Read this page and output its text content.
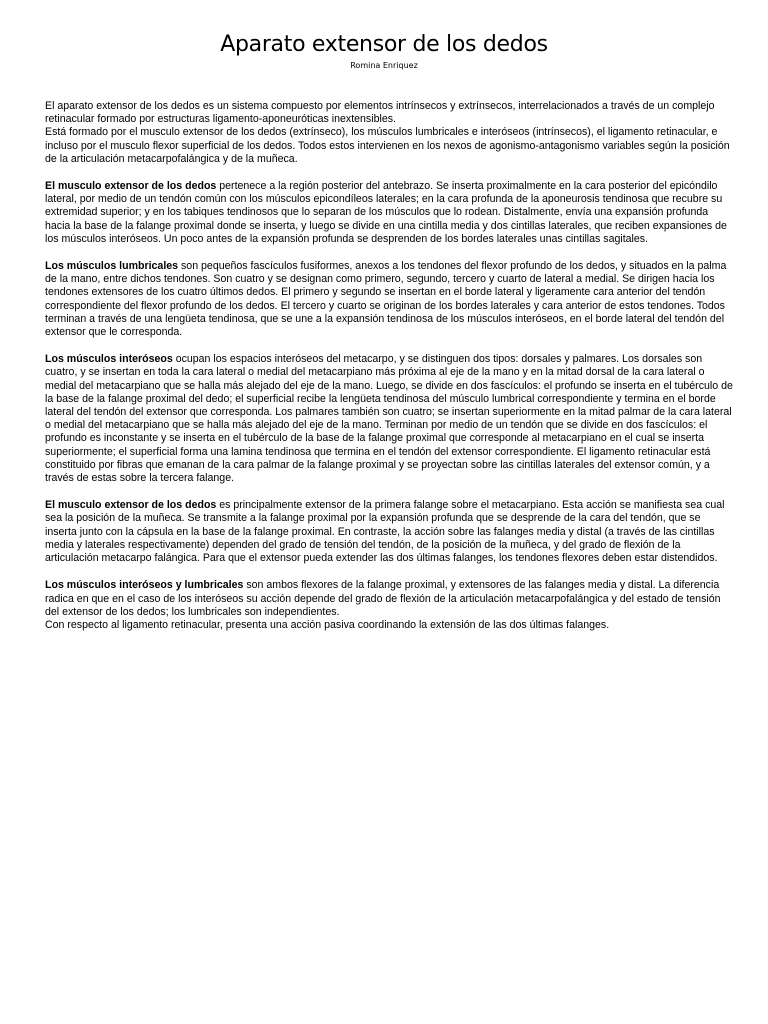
Aparato extensor de los dedos
Romina Enriquez

El aparato extensor de los dedos es un sistema compuesto por elementos intrínsecos y extrínsecos, interrelacionados a través de un complejo retinacular formado por estructuras ligamento-aponeuróticas inextensibles.

Está formado por el musculo extensor de los dedos (extrínseco), los músculos lumbricales e interóseos (intrínsecos), el ligamento retinacular, e incluso por el musculo flexor superficial de los dedos. Todos estos intervienen en los nexos de agonismo-antagonismo variables según la posición de la articulación metacarpofalángica y de la muñeca.

El musculo extensor de los dedos pertenece a la región posterior del antebrazo. Se inserta proximalmente en la cara posterior del epicóndilo lateral, por medio de un tendón común con los músculos epicondíleos laterales; en la cara profunda de la aponeurosis tendinosa que recubre su extremidad superior; y en los tabiques tendinosos que lo separan de los músculos que lo rodean. Distalmente, envía una expansión profunda hacia la base de la falange proximal donde se inserta, y luego se divide en una cintilla media y dos cintillas laterales, que reciben expansiones de los músculos interóseos. Un poco antes de la expansión profunda se desprenden de los bordes laterales unas cintillas sagitales.

Los músculos lumbricales son pequeños fascículos fusiformes, anexos a los tendones del flexor profundo de los dedos, y situados en la palma de la mano, entre dichos tendones. Son cuatro y se designan como primero, segundo, tercero y cuarto de lateral a medial. Se dirigen hacia los tendones extensores de los cuatro últimos dedos. El primero y segundo se insertan en el borde lateral y ligeramente cara anterior del tendón correspondiente del flexor profundo de los dedos. El tercero y cuarto se originan de los bordes laterales y cara anterior de estos tendones. Todos terminan a través de una lengüeta tendinosa, que se une a la expansión tendinosa de los músculos interóseos, en el borde lateral del tendón del extensor que le corresponda.

Los músculos interóseos ocupan los espacios interóseos del metacarpo, y se distinguen dos tipos: dorsales y palmares. Los dorsales son cuatro, y se insertan en toda la cara lateral o medial del metacarpiano más próxima al eje de la mano y en la mitad dorsal de la cara lateral o medial del metacarpiano que se halla más alejado del eje de la mano. Luego, se divide en dos fascículos: el profundo se inserta en el tubérculo de la base de la falange proximal del dedo; el superficial recibe la lengüeta tendinosa del músculo lumbrical correspondiente y termina en el borde lateral del tendón del extensor que corresponda. Los palmares también son cuatro; se insertan superiormente en la mitad palmar de la cara lateral o medial del metacarpiano que se halla más alejado del eje de la mano. Terminan por medio de un tendón que se divide en dos fascículos: el profundo es inconstante y se inserta en el tubérculo de la base de la falange proximal que corresponde al metacarpiano en el cual se inserta superiormente; el superficial forma una lamina tendinosa que termina en el tendón del extensor correspondiente. El ligamento retinacular está constituido por fibras que emanan de la cara palmar de la falange proximal y se proyectan sobre las cintillas laterales del extensor común, y a través de estas sobre la tercera falange.

El musculo extensor de los dedos es principalmente extensor de la primera falange sobre el metacarpiano. Esta acción se manifiesta sea cual sea la posición de la muñeca. Se transmite a la falange proximal por la expansión profunda que se desprende de la cara del tendón, que se inserta junto con la cápsula en la base de la falange proximal. En contraste, la acción sobre las falanges media y distal (a través de las cintillas media y laterales respectivamente) dependen del grado de tensión del tendón, de la posición de la muñeca, y del grado de flexión de la articulación metacarpo falángica. Para que el extensor pueda extender las dos últimas falanges, los tendones flexores deben estar distendidos.

Los músculos interóseos y lumbricales son ambos flexores de la falange proximal, y extensores de las falanges media y distal. La diferencia radica en que en el caso de los interóseos su acción depende del grado de flexión de la articulación metacarpofalángica y del estado de tensión del extensor de los dedos; los lumbricales son independientes.

Con respecto al ligamento retinacular, presenta una acción pasiva coordinando la extensión de las dos últimas falanges.
